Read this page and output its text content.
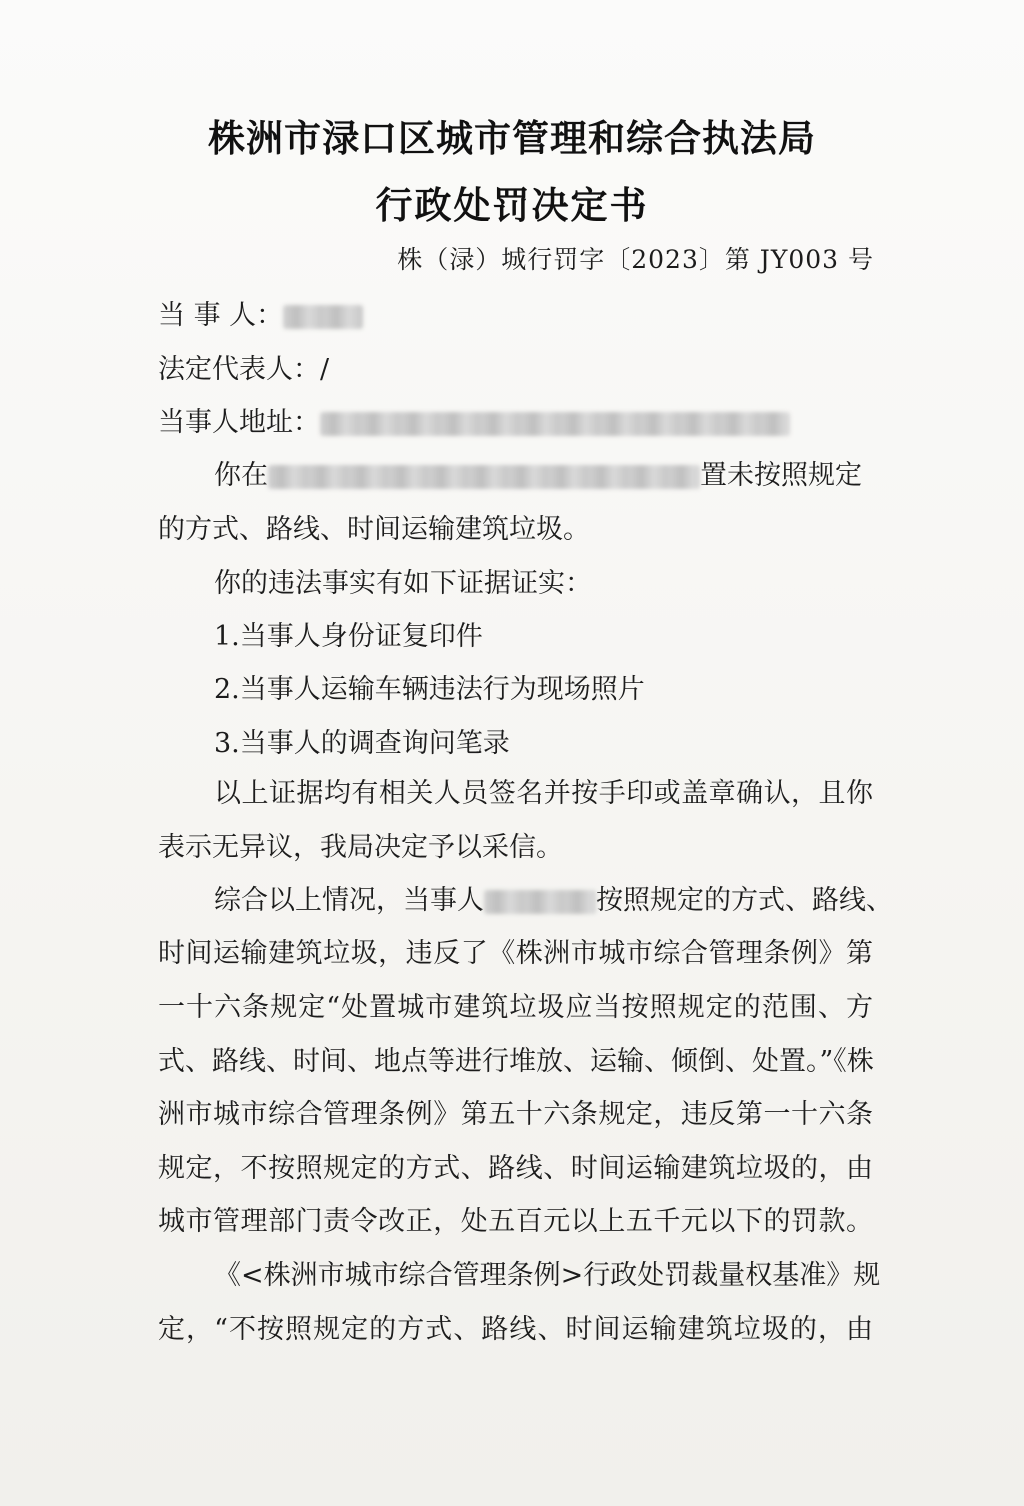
株洲市渌口区城市管理和综合执法局
行政处罚决定书
株（渌）城行罚字〔2023〕第 JY003 号
当 事 人：
法定代表人：/
当事人地址：
你在	置未按照规定
的方式、路线、时间运输建筑垃圾。
你的违法事实有如下证据证实：
1.当事人身份证复印件
2.当事人运输车辆违法行为现场照片
3.当事人的调查询问笔录
以上证据均有相关人员签名并按手印或盖章确认，且你
表示无异议，我局决定予以采信。
综合以上情况，当事人	按照规定的方式、路线、
时间运输建筑垃圾，违反了《株洲市城市综合管理条例》第
一十六条规定“处置城市建筑垃圾应当按照规定的范围、方
式、路线、时间、地点等进行堆放、运输、倾倒、处置。”《株
洲市城市综合管理条例》第五十六条规定，违反第一十六条
规定，不按照规定的方式、路线、时间运输建筑垃圾的，由
城市管理部门责令改正，处五百元以上五千元以下的罚款。
《<株洲市城市综合管理条例>行政处罚裁量权基准》规
定，“不按照规定的方式、路线、时间运输建筑垃圾的，由
